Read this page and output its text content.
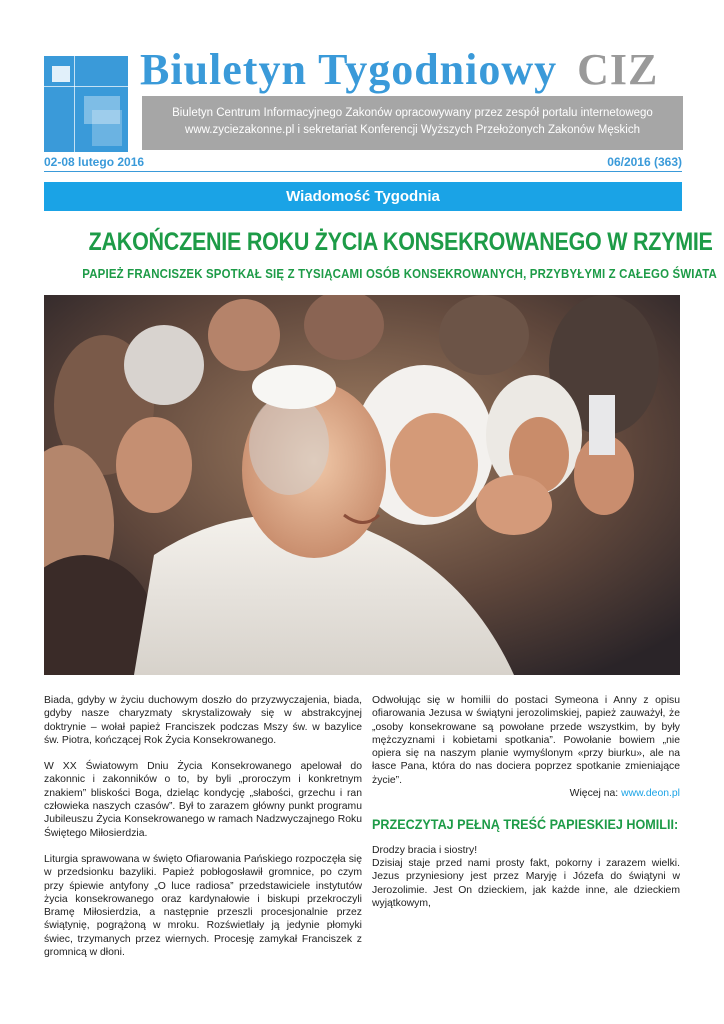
Biuletyn Tygodniowy CIZ
Biuletyn Centrum Informacyjnego Zakonów opracowywany przez zespół portalu internetowego
www.zyciezakonne.pl i sekretariat Konferencji Wyższych Przełożonych Zakonów Męskich
02-08 lutego 2016	06/2016 (363)
Wiadomość Tygodnia
ZAKOŃCZENIE ROKU ŻYCIA KONSEKROWANEGO W RZYMIE
PAPIEŻ FRANCISZEK SPOTKAŁ SIĘ Z TYSIĄCAMI OSÓB KONSEKROWANYCH, PRZYBYŁYMI Z CAŁEGO ŚWIATA

Biada, gdyby w życiu duchowym doszło do przyzwyczajenia, biada, gdyby nasze charyzmaty skrystalizowały się w abstrakcyjnej doktrynie – wołał papież Franciszek podczas Mszy św. w bazylice św. Piotra, kończącej Rok Życia Konsekrowanego.

W XX Światowym Dniu Życia Konsekrowanego apelował do zakonnic i zakonników o to, by byli „proroczym i konkretnym znakiem” bliskości Boga, dzieląc kondycję „słabości, grzechu i ran człowieka naszych czasów”. Był to zarazem główny punkt programu Jubileuszu Życia Konsekrowanego w ramach Nadzwyczajnego Roku Świętego Miłosierdzia.

Liturgia sprawowana w święto Ofiarowania Pańskiego rozpoczęła się w przedsionku bazyliki. Papież pobłogosławił gromnice, po czym przy śpiewie antyfony „O luce radiosa” przedstawiciele instytutów życia konsekrowanego oraz kardynałowie i biskupi przekroczyli Bramę Miłosierdzia, a następnie przeszli procesjonalnie przez świątynię, pogrążoną w mroku. Rozświetlały ją jedynie płomyki świec, trzymanych przez wiernych. Procesję zamykał Franciszek z gromnicą w dłoni.

Odwołując się w homilii do postaci Symeona i Anny z opisu ofiarowania Jezusa w świątyni jerozolimskiej, papież zauważył, że „osoby konsekrowane są powołane przede wszystkim, by były mężczyznami i kobietami spotkania”. Powołanie bowiem „nie opiera się na naszym planie wymyślonym «przy biurku», ale na łasce Pana, która do nas dociera poprzez spotkanie zmieniające życie”.

Więcej na: www.deon.pl
PRZECZYTAJ PEŁNĄ TREŚĆ PAPIESKIEJ HOMILII:
Drodzy bracia i siostry!
Dzisiaj staje przed nami prosty fakt, pokorny i zarazem wielki. Jezus przyniesiony jest przez Maryję i Józefa do świątyni w Jerozolimie. Jest On dzieckiem, jak każde inne, ale dzieckiem wyjątkowym,
